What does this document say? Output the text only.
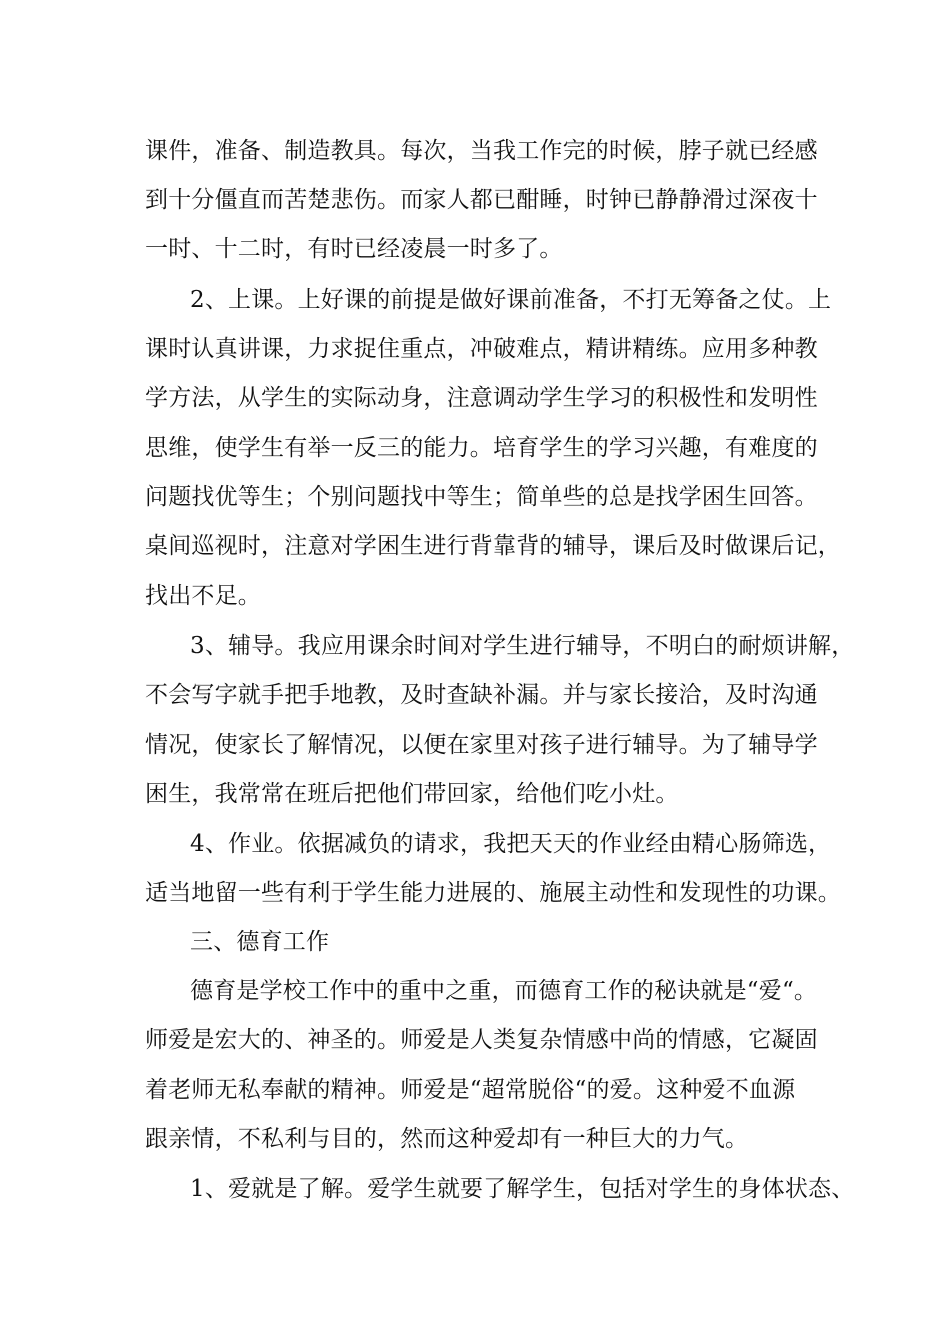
课件，准备、制造教具。每次，当我工作完的时候，脖子就已经感
到十分僵直而苦楚悲伤。而家人都已酣睡，时钟已静静滑过深夜十
一时、十二时，有时已经凌晨一时多了。
2、上课。上好课的前提是做好课前准备，不打无筹备之仗。上
课时认真讲课，力求捉住重点，冲破难点，精讲精练。应用多种教
学方法，从学生的实际动身，注意调动学生学习的积极性和发明性
思维，使学生有举一反三的能力。培育学生的学习兴趣，有难度的
问题找优等生；个别问题找中等生；简单些的总是找学困生回答。
桌间巡视时，注意对学困生进行背靠背的辅导，课后及时做课后记，
找出不足。
3、辅导。我应用课余时间对学生进行辅导，不明白的耐烦讲解，
不会写字就手把手地教，及时查缺补漏。并与家长接洽，及时沟通
情况，使家长了解情况，以便在家里对孩子进行辅导。为了辅导学
困生，我常常在班后把他们带回家，给他们吃小灶。
4、作业。依据减负的请求，我把天天的作业经由精心肠筛选，
适当地留一些有利于学生能力进展的、施展主动性和发现性的功课。
三、德育工作
德育是学校工作中的重中之重，而德育工作的秘诀就是“爱“。
师爱是宏大的、神圣的。师爱是人类复杂情感中尚的情感，它凝固
着老师无私奉献的精神。师爱是“超常脱俗“的爱。这种爱不血源
跟亲情，不私利与目的，然而这种爱却有一种巨大的力气。
1、爱就是了解。爱学生就要了解学生，包括对学生的身体状态、
